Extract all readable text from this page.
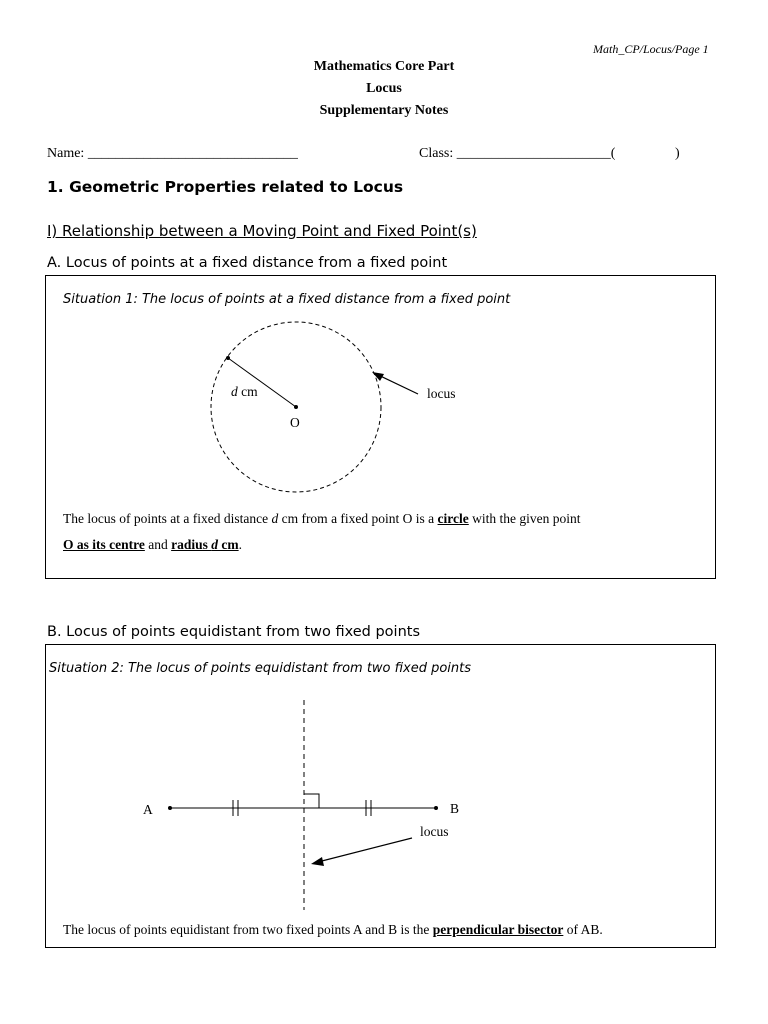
Math_CP/Locus/Page 1
Mathematics Core Part
Locus
Supplementary Notes
Name: ______________________________	Class: ______________________(	)
1. Geometric Properties related to Locus
I) Relationship between a Moving Point and Fixed Point(s)
A. Locus of points at a fixed distance from a fixed point
Situation 1: The locus of points at a fixed distance from a fixed point
d cm
O
locus
The locus of points at a fixed distance d cm from a fixed point O is a circle with the given point
O as its centre and radius d cm.
B. Locus of points equidistant from two fixed points
Situation 2: The locus of points equidistant from two fixed points
A	B
locus
The locus of points equidistant from two fixed points A and B is the perpendicular bisector of AB.
